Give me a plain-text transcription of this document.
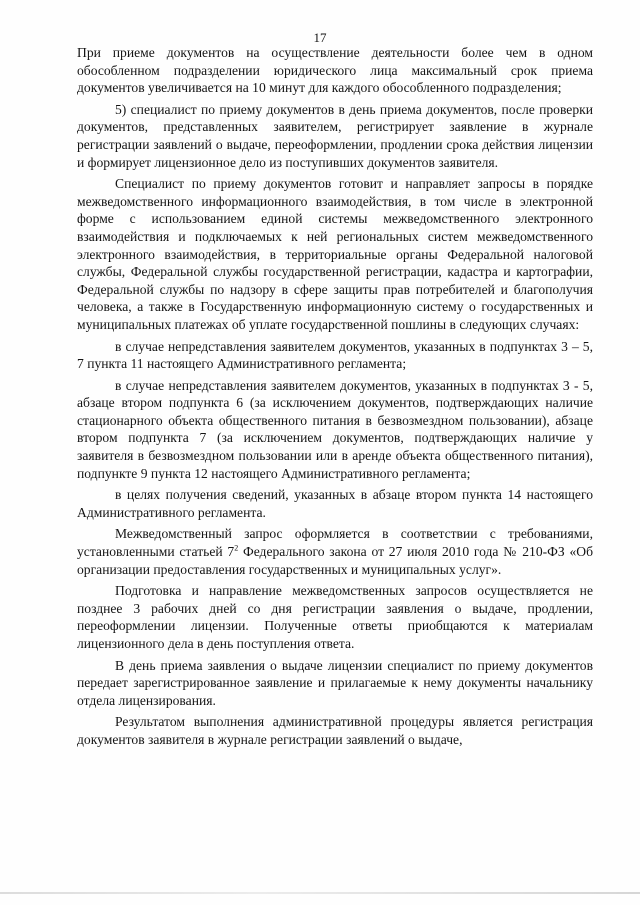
17

При приеме документов на осуществление деятельности более чем в одном обособленном подразделении юридического лица максимальный срок приема документов увеличивается на 10 минут для каждого обособленного подразделения;

5) специалист по приему документов в день приема документов, после проверки документов, представленных заявителем, регистрирует заявление в журнале регистрации заявлений о выдаче, переоформлении, продлении срока действия лицензии и формирует лицензионное дело из поступивших документов заявителя.

Специалист по приему документов готовит и направляет запросы в порядке межведомственного информационного взаимодействия, в том числе в электронной форме с использованием единой системы межведомственного электронного взаимодействия и подключаемых к ней региональных систем межведомственного электронного взаимодействия, в территориальные органы Федеральной налоговой службы, Федеральной службы государственной регистрации, кадастра и картографии, Федеральной службы по надзору в сфере защиты прав потребителей и благополучия человека, а также в Государственную информационную систему о государственных и муниципальных платежах об уплате государственной пошлины в следующих случаях:

в случае непредставления заявителем документов, указанных в подпунктах 3 – 5, 7 пункта 11 настоящего Административного регламента;

в случае непредставления заявителем документов, указанных в подпунктах 3 - 5, абзаце втором подпункта 6 (за исключением документов, подтверждающих наличие стационарного объекта общественного питания в безвозмездном пользовании), абзаце втором подпункта 7 (за исключением документов, подтверждающих наличие у заявителя в безвозмездном пользовании или в аренде объекта общественного питания), подпункте 9 пункта 12 настоящего Административного регламента;

в целях получения сведений, указанных в абзаце втором пункта 14 настоящего Административного регламента.

Межведомственный запрос оформляется в соответствии с требованиями, установленными статьей $7^2$ Федерального закона от 27 июля 2010 года № 210-ФЗ «Об организации предоставления государственных и муниципальных услуг».

Подготовка и направление межведомственных запросов осуществляется не позднее 3 рабочих дней со дня регистрации заявления о выдаче, продлении, переоформлении лицензии. Полученные ответы приобщаются к материалам лицензионного дела в день поступления ответа.

В день приема заявления о выдаче лицензии специалист по приему документов передает зарегистрированное заявление и прилагаемые к нему документы начальнику отдела лицензирования.

Результатом выполнения административной процедуры является регистрация документов заявителя в журнале регистрации заявлений о выдаче,
